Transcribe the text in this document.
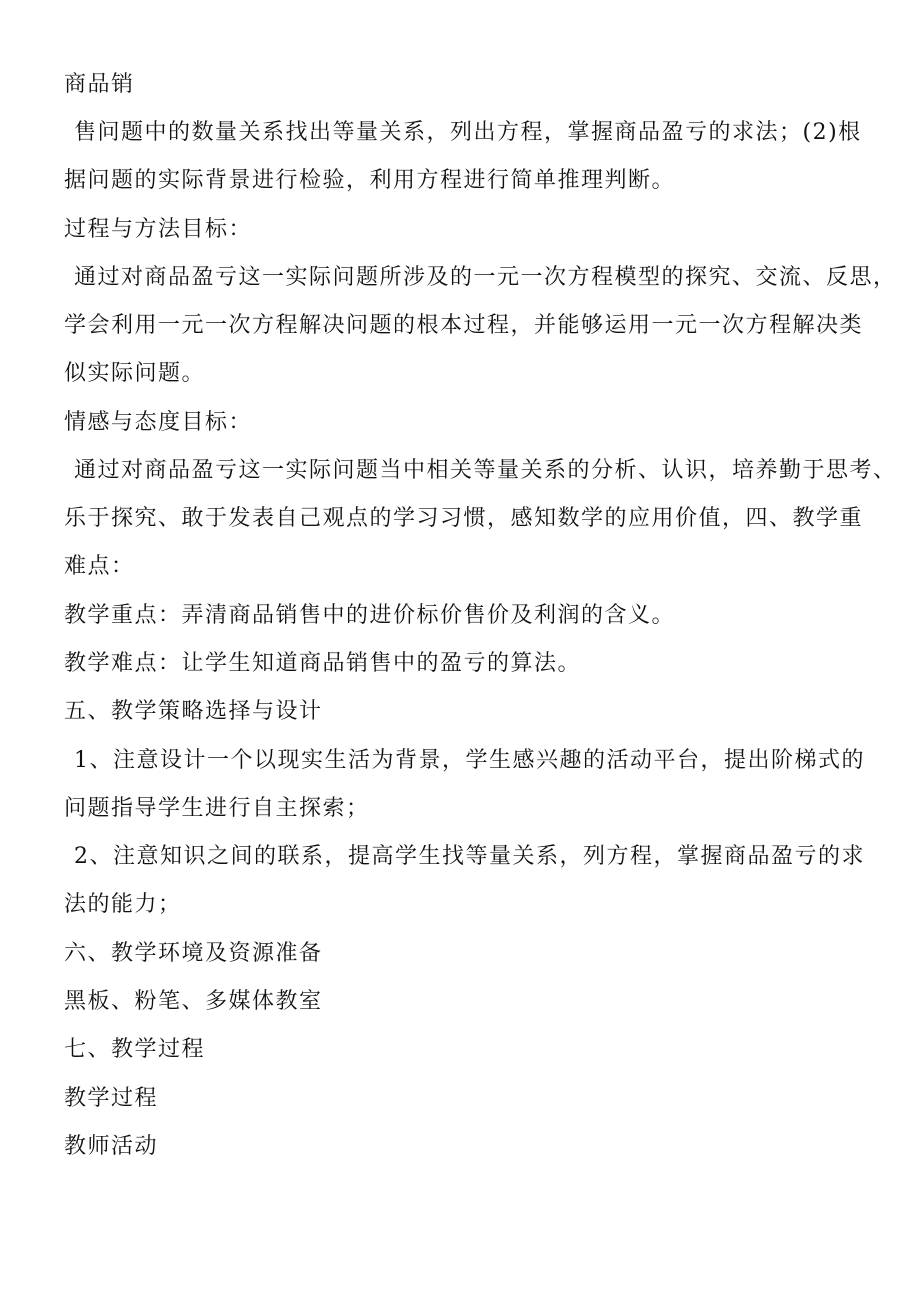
商品销
售问题中的数量关系找出等量关系，列出方程，掌握商品盈亏的求法；(2)根
据问题的实际背景进行检验，利用方程进行简单推理判断。
过程与方法目标：
通过对商品盈亏这一实际问题所涉及的一元一次方程模型的探究、交流、反思，
学会利用一元一次方程解决问题的根本过程，并能够运用一元一次方程解决类
似实际问题。
情感与态度目标：
通过对商品盈亏这一实际问题当中相关等量关系的分析、认识，培养勤于思考、
乐于探究、敢于发表自己观点的学习习惯，感知数学的应用价值，四、教学重
难点：
教学重点：弄清商品销售中的进价标价售价及利润的含义。
教学难点：让学生知道商品销售中的盈亏的算法。
五、教学策略选择与设计
1、注意设计一个以现实生活为背景，学生感兴趣的活动平台，提出阶梯式的
问题指导学生进行自主探索；
2、注意知识之间的联系，提高学生找等量关系，列方程，掌握商品盈亏的求
法的能力；
六、教学环境及资源准备
黑板、粉笔、多媒体教室
七、教学过程
教学过程
教师活动
